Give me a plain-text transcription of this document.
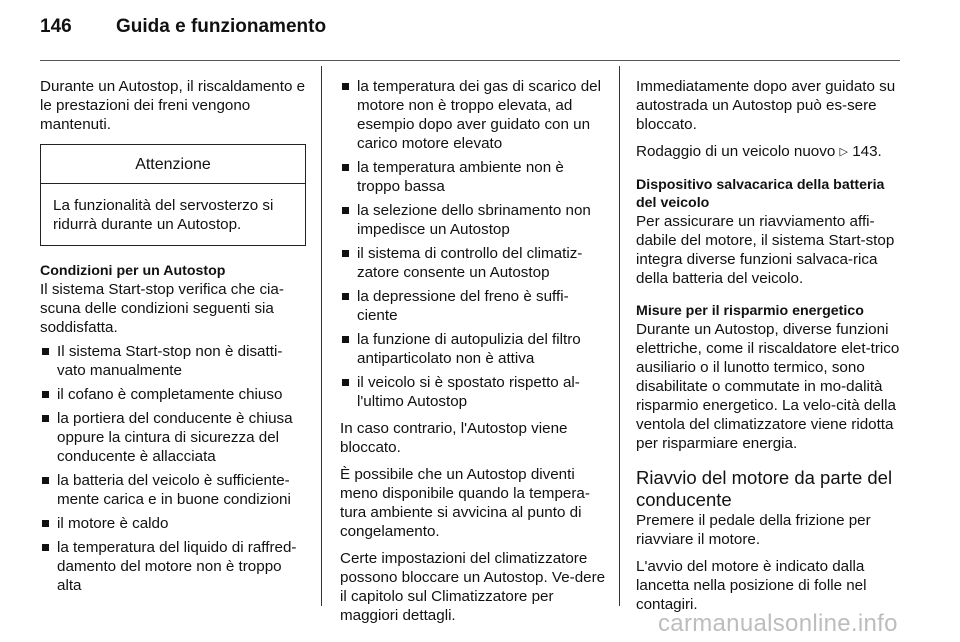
146	Guida e funzionamento

Durante un Autostop, il riscaldamento e le prestazioni dei freni vengono mantenuti.

Attenzione
La funzionalità del servosterzo si ridurrà durante un Autostop.

Condizioni per un Autostop

Il sistema Start-stop verifica che cia-scuna delle condizioni seguenti sia soddisfatta.

Il sistema Start-stop non è disatti-vato manualmente
il cofano è completamente chiuso
la portiera del conducente è chiusa oppure la cintura di sicurezza del conducente è allacciata
la batteria del veicolo è sufficiente-mente carica e in buone condizioni
il motore è caldo
la temperatura del liquido di raffred-damento del motore non è troppo alta
la temperatura dei gas di scarico del motore non è troppo elevata, ad esempio dopo aver guidato con un carico motore elevato
la temperatura ambiente non è troppo bassa
la selezione dello sbrinamento non impedisce un Autostop
il sistema di controllo del climatiz-zatore consente un Autostop
la depressione del freno è suffi-ciente
la funzione di autopulizia del filtro antiparticolato non è attiva
il veicolo si è spostato rispetto al-l'ultimo Autostop

In caso contrario, l'Autostop viene bloccato.

È possibile che un Autostop diventi meno disponibile quando la tempera-tura ambiente si avvicina al punto di congelamento.

Certe impostazioni del climatizzatore possono bloccare un Autostop. Ve-dere il capitolo sul Climatizzatore per maggiori dettagli.

Immediatamente dopo aver guidato su autostrada un Autostop può es-sere bloccato.

Rodaggio di un veicolo nuovo ▷ 143.

Dispositivo salvacarica della batteria del veicolo

Per assicurare un riavviamento affi-dabile del motore, il sistema Start-stop integra diverse funzioni salvaca-rica della batteria del veicolo.

Misure per il risparmio energetico

Durante un Autostop, diverse funzioni elettriche, come il riscaldatore elet-trico ausiliario o il lunotto termico, sono disabilitate o commutate in mo-dalità risparmio energetico. La velo-cità della ventola del climatizzatore viene ridotta per risparmiare energia.

Riavvio del motore da parte del conducente

Premere il pedale della frizione per riavviare il motore.

L'avvio del motore è indicato dalla lancetta nella posizione di folle nel contagiri.

carmanualsonline.info
